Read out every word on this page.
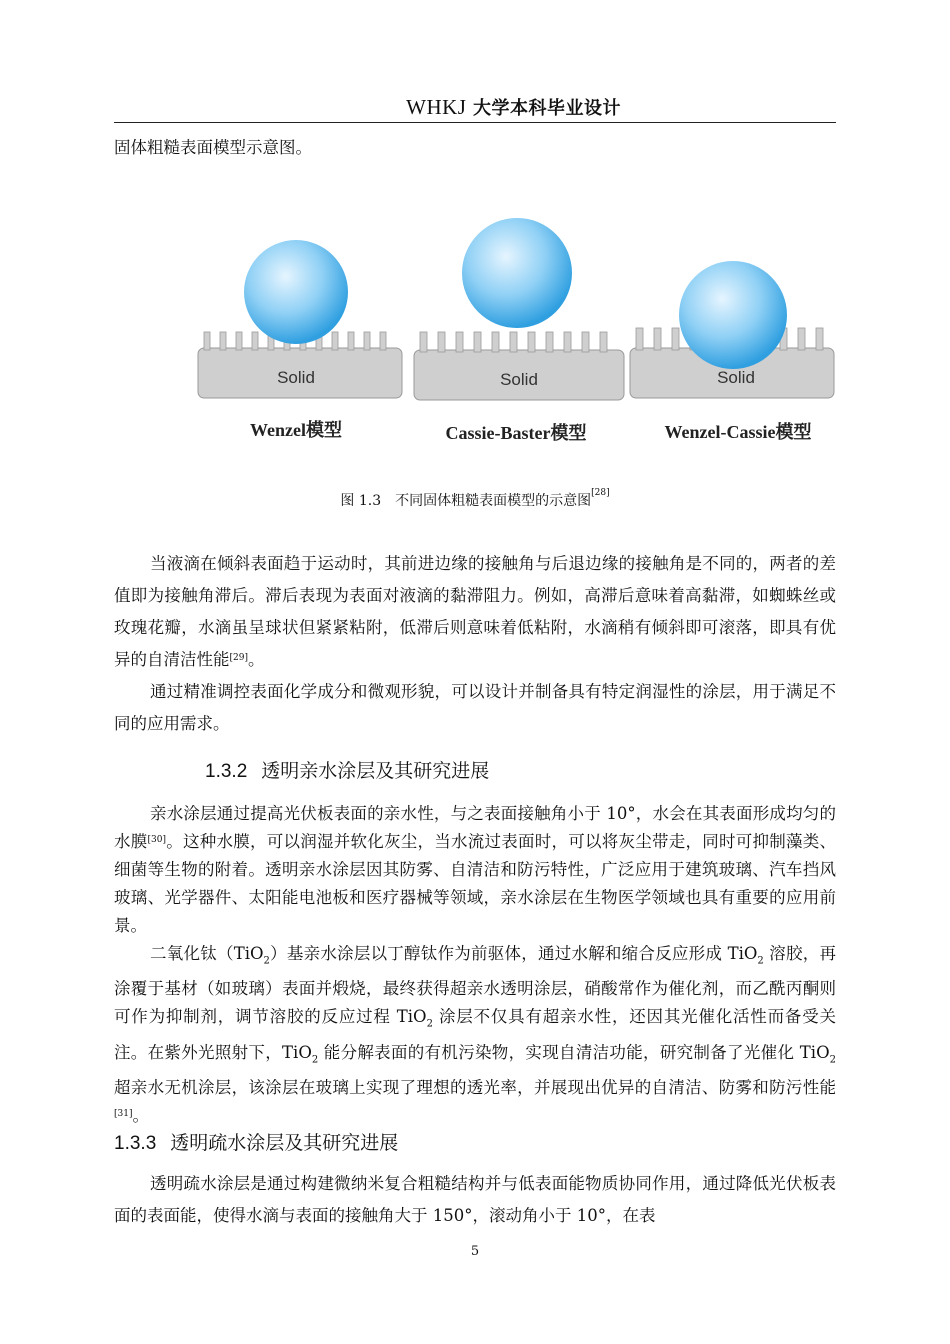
WHKJ 大学本科毕业设计
固体粗糙表面模型示意图。
Solid
Wenzel模型
Solid
Cassie-Baster模型
Solid
Wenzel-Cassie模型
图 1.3 不同固体粗糙表面模型的示意图[28]
当液滴在倾斜表面趋于运动时，其前进边缘的接触角与后退边缘的接触角是不同的，两者的差值即为接触角滞后。滞后表现为表面对液滴的黏滞阻力。例如，高滞后意味着高黏滞，如蜘蛛丝或玫瑰花瓣，水滴虽呈球状但紧紧粘附，低滞后则意味着低粘附，水滴稍有倾斜即可滚落，即具有优异的自清洁性能[29]。
通过精准调控表面化学成分和微观形貌，可以设计并制备具有特定润湿性的涂层，用于满足不同的应用需求。
1.3.2 透明亲水涂层及其研究进展
亲水涂层通过提高光伏板表面的亲水性，与之表面接触角小于 10°，水会在其表面形成均匀的水膜[30]。这种水膜，可以润湿并软化灰尘，当水流过表面时，可以将灰尘带走，同时可抑制藻类、细菌等生物的附着。透明亲水涂层因其防雾、自清洁和防污特性，广泛应用于建筑玻璃、汽车挡风玻璃、光学器件、太阳能电池板和医疗器械等领域，亲水涂层在生物医学领域也具有重要的应用前景。
二氧化钛（TiO$_2$）基亲水涂层以丁醇钛作为前驱体，通过水解和缩合反应形成 TiO$_2$ 溶胶，再涂覆于基材（如玻璃）表面并煅烧，最终获得超亲水透明涂层，硝酸常作为催化剂，而乙酰丙酮则可作为抑制剂，调节溶胶的反应过程 TiO$_2$ 涂层不仅具有超亲水性，还因其光催化活性而备受关注。在紫外光照射下，TiO$_2$ 能分解表面的有机污染物，实现自清洁功能，研究制备了光催化 TiO$_2$ 超亲水无机涂层，该涂层在玻璃上实现了理想的透光率，并展现出优异的自清洁、防雾和防污性能[31]。
1.3.3 透明疏水涂层及其研究进展
透明疏水涂层是通过构建微纳米复合粗糙结构并与低表面能物质协同作用，通过降低光伏板表面的表面能，使得水滴与表面的接触角大于 150°，滚动角小于 10°，在表
5
